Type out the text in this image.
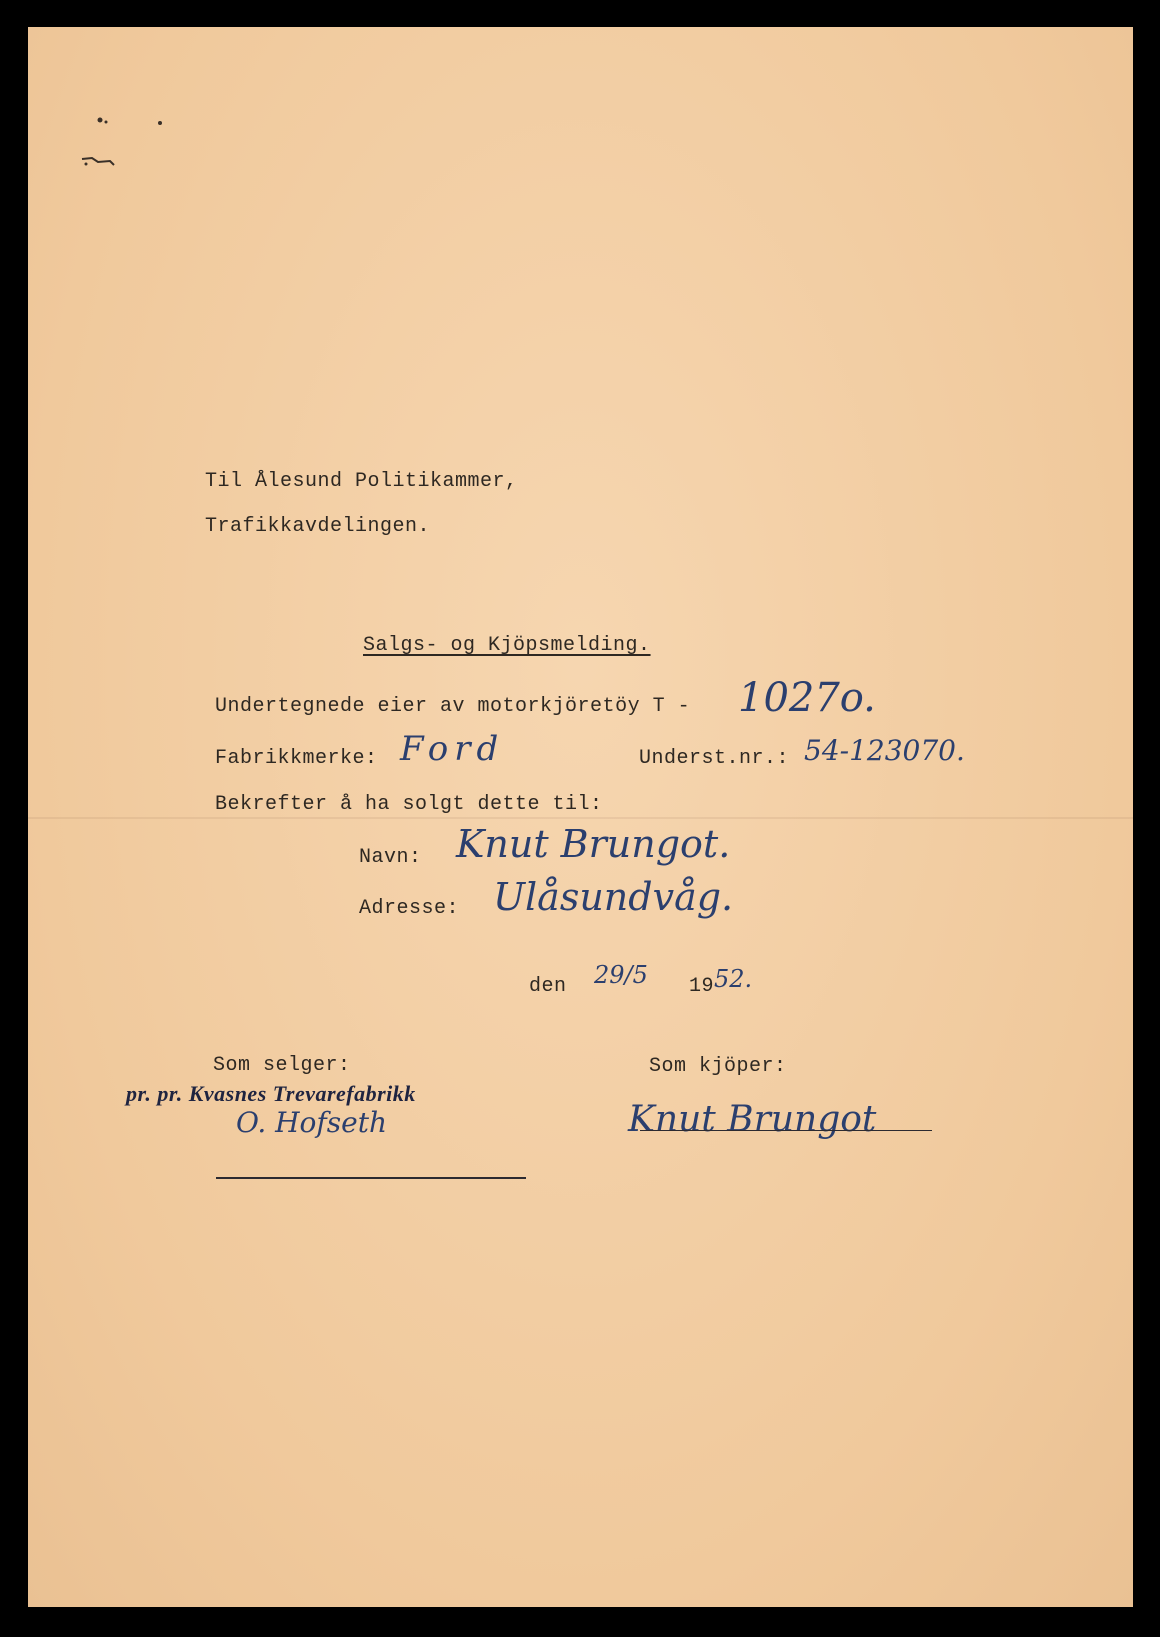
Til Ålesund Politikammer,
Trafikkavdelingen.
Salgs- og Kjöpsmelding.
Undertegnede eier av motorkjöretöy T - 1027o.
Fabrikkmerke: Ford	Underst.nr.: 54-123070.
Bekrefter å ha solgt dette til:
Navn: Knut Brungot.
Adresse: Ulåsundvåg.
den 29/5 19 52.
Som selger:
pr. pr. Kvasnes Trevarefabrikk
O. Hofseth
Som kjöper:
Knut Brungot
